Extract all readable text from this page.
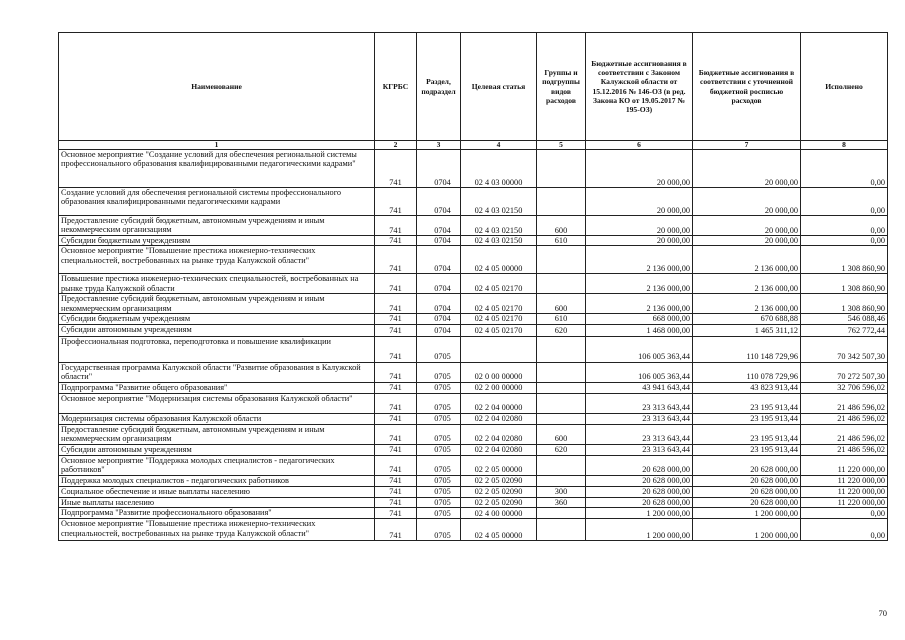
Наименование	КГРБС	Раздел, подраздел	Целевая статья	Группы и подгруппы видов расходов	Бюджетные ассигнования в соответствии с Законом Калужской области от 15.12.2016 № 146-ОЗ (в ред. Закона КО от 19.05.2017 № 195-ОЗ)	Бюджетные ассигнования в соответствии с уточненной бюджетной росписью расходов	Исполнено
1	2	3	4	5	6	7	8
Основное мероприятие "Создание условий для обеспечения региональной системы профессионального образования квалифицированными педагогическими кадрами"	741	0704	02 4 03 00000		20 000,00	20 000,00	0,00
Создание условий для обеспечения региональной системы профессионального образования квалифицированными педагогическими кадрами	741	0704	02 4 03 02150		20 000,00	20 000,00	0,00
Предоставление субсидий бюджетным, автономным учреждениям и иным некоммерческим организациям	741	0704	02 4 03 02150	600	20 000,00	20 000,00	0,00
Субсидии бюджетным учреждениям	741	0704	02 4 03 02150	610	20 000,00	20 000,00	0,00
Основное мероприятие "Повышение престижа инженерно-технических специальностей, востребованных на рынке труда Калужской области"	741	0704	02 4 05 00000		2 136 000,00	2 136 000,00	1 308 860,90
Повышение престижа инженерно-технических специальностей, востребованных на рынке труда Калужской области	741	0704	02 4 05 02170		2 136 000,00	2 136 000,00	1 308 860,90
Предоставление субсидий бюджетным, автономным учреждениям и иным некоммерческим организациям	741	0704	02 4 05 02170	600	2 136 000,00	2 136 000,00	1 308 860,90
Субсидии бюджетным учреждениям	741	0704	02 4 05 02170	610	668 000,00	670 688,88	546 088,46
Субсидии автономным учреждениям	741	0704	02 4 05 02170	620	1 468 000,00	1 465 311,12	762 772,44
Профессиональная подготовка, переподготовка и повышение квалификации	741	0705			106 005 363,44	110 148 729,96	70 342 507,30
Государственная программа Калужской области "Развитие образования в Калужской области"	741	0705	02 0 00 00000		106 005 363,44	110 078 729,96	70 272 507,30
Подпрограмма "Развитие общего образования"	741	0705	02 2 00 00000		43 941 643,44	43 823 913,44	32 706 596,02
Основное мероприятие "Модернизация системы образования Калужской области"	741	0705	02 2 04 00000		23 313 643,44	23 195 913,44	21 486 596,02
Модернизация системы образования Калужской области	741	0705	02 2 04 02080		23 313 643,44	23 195 913,44	21 486 596,02
Предоставление субсидий бюджетным, автономным учреждениям и иным некоммерческим организациям	741	0705	02 2 04 02080	600	23 313 643,44	23 195 913,44	21 486 596,02
Субсидии автономным учреждениям	741	0705	02 2 04 02080	620	23 313 643,44	23 195 913,44	21 486 596,02
Основное мероприятие "Поддержка молодых специалистов - педагогических работников"	741	0705	02 2 05 00000		20 628 000,00	20 628 000,00	11 220 000,00
Поддержка молодых специалистов - педагогических работников	741	0705	02 2 05 02090		20 628 000,00	20 628 000,00	11 220 000,00
Социальное обеспечение и иные выплаты населению	741	0705	02 2 05 02090	300	20 628 000,00	20 628 000,00	11 220 000,00
Иные выплаты населению	741	0705	02 2 05 02090	360	20 628 000,00	20 628 000,00	11 220 000,00
Подпрограмма "Развитие профессионального образования"	741	0705	02 4 00 00000		1 200 000,00	1 200 000,00	0,00
Основное мероприятие "Повышение престижа инженерно-технических специальностей, востребованных на рынке труда Калужской области"	741	0705	02 4 05 00000		1 200 000,00	1 200 000,00	0,00
70
